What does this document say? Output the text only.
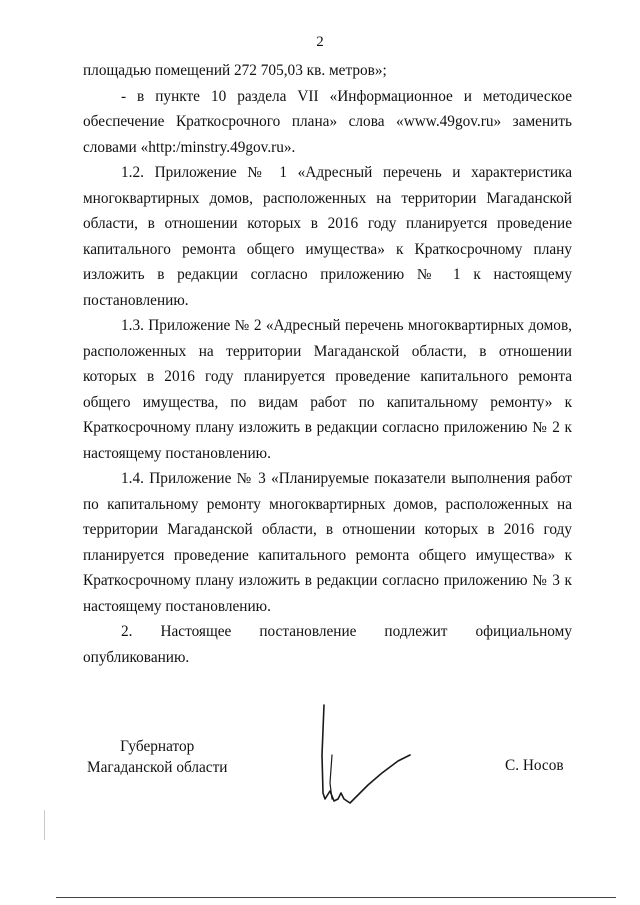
2

площадью помещений 272 705,03 кв. метров»;

- в пункте 10 раздела VII «Информационное и методическое обеспечение Краткосрочного плана» слова «www.49gov.ru» заменить словами «http:/minstry.49gov.ru».

1.2. Приложение № 1 «Адресный перечень и характеристика многоквартирных домов, расположенных на территории Магаданской области, в отношении которых в 2016 году планируется проведение капитального ремонта общего имущества» к Краткосрочному плану изложить в редакции согласно приложению № 1 к настоящему постановлению.

1.3. Приложение № 2 «Адресный перечень многоквартирных домов, расположенных на территории Магаданской области, в отношении которых в 2016 году планируется проведение капитального ремонта общего имущества, по видам работ по капитальному ремонту» к Краткосрочному плану изложить в редакции согласно приложению № 2 к настоящему постановлению.

1.4. Приложение № 3 «Планируемые показатели выполнения работ по капитальному ремонту многоквартирных домов, расположенных на территории Магаданской области, в отношении которых в 2016 году планируется проведение капитального ремонта общего имущества» к Краткосрочному плану изложить в редакции согласно приложению № 3 к настоящему постановлению.

2. Настоящее постановление подлежит официальному опубликованию.

Губернатор
Магаданской области	С. Носов
